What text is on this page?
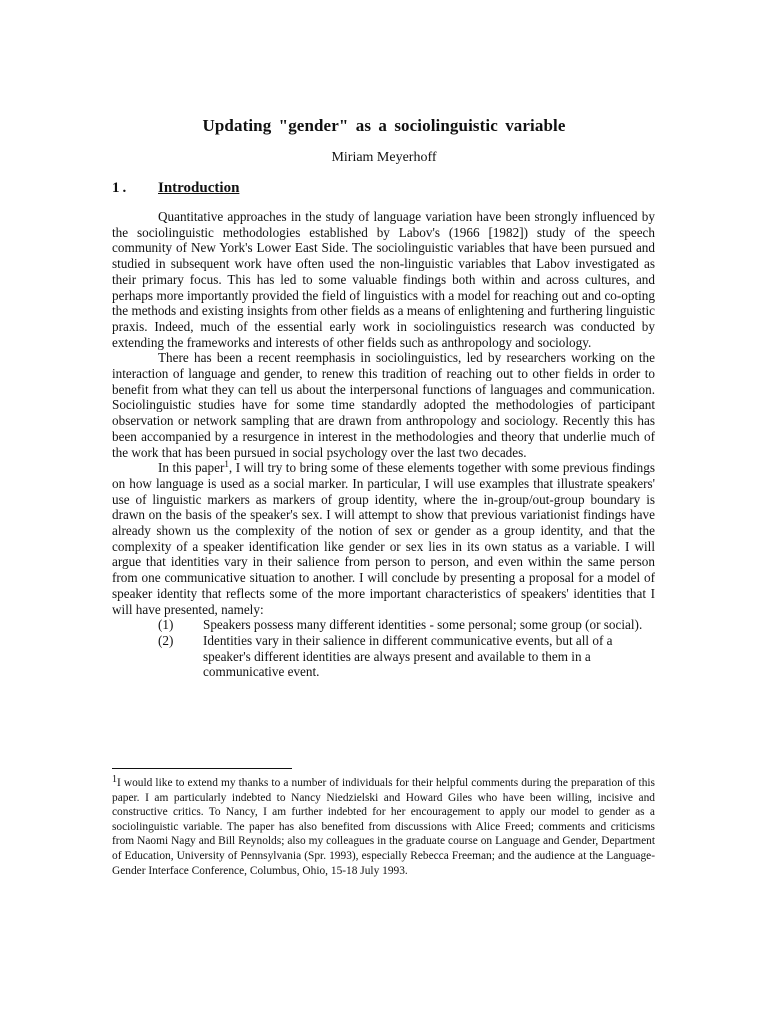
Updating "gender" as a sociolinguistic variable
Miriam Meyerhoff
1. Introduction

Quantitative approaches in the study of language variation have been strongly influenced by the sociolinguistic methodologies established by Labov's (1966 [1982]) study of the speech community of New York's Lower East Side. The sociolinguistic variables that have been pursued and studied in subsequent work have often used the non-linguistic variables that Labov investigated as their primary focus. This has led to some valuable findings both within and across cultures, and perhaps more importantly provided the field of linguistics with a model for reaching out and co-opting the methods and existing insights from other fields as a means of enlightening and furthering linguistic praxis. Indeed, much of the essential early work in sociolinguistics research was conducted by extending the frameworks and interests of other fields such as anthropology and sociology.

There has been a recent reemphasis in sociolinguistics, led by researchers working on the interaction of language and gender, to renew this tradition of reaching out to other fields in order to benefit from what they can tell us about the interpersonal functions of languages and communication. Sociolinguistic studies have for some time standardly adopted the methodologies of participant observation or network sampling that are drawn from anthropology and sociology. Recently this has been accompanied by a resurgence in interest in the methodologies and theory that underlie much of the work that has been pursued in social psychology over the last two decades.

In this paper$^1$, I will try to bring some of these elements together with some previous findings on how language is used as a social marker. In particular, I will use examples that illustrate speakers' use of linguistic markers as markers of group identity, where the in-group/out-group boundary is drawn on the basis of the speaker's sex. I will attempt to show that previous variationist findings have already shown us the complexity of the notion of sex or gender as a group identity, and that the complexity of a speaker identification like gender or sex lies in its own status as a variable. I will argue that identities vary in their salience from person to person, and even within the same person from one communicative situation to another. I will conclude by presenting a proposal for a model of speaker identity that reflects some of the more important characteristics of speakers' identities that I will have presented, namely:

(1)	Speakers possess many different identities - some personal; some group (or social).
(2)	Identities vary in their salience in different communicative events, but all of a speaker's different identities are always present and available to them in a communicative event.
$^1$I would like to extend my thanks to a number of individuals for their helpful comments during the preparation of this paper. I am particularly indebted to Nancy Niedzielski and Howard Giles who have been willing, incisive and constructive critics. To Nancy, I am further indebted for her encouragement to apply our model to gender as a sociolinguistic variable. The paper has also benefited from discussions with Alice Freed; comments and criticisms from Naomi Nagy and Bill Reynolds; also my colleagues in the graduate course on Language and Gender, Department of Education, University of Pennsylvania (Spr. 1993), especially Rebecca Freeman; and the audience at the Language-Gender Interface Conference, Columbus, Ohio, 15-18 July 1993.
